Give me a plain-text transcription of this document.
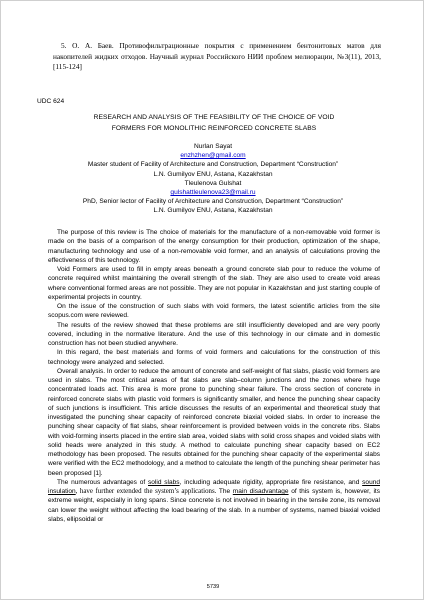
5. О. А. Баев. Противофильтрационные покрытия с применением бентонитовых матов для накопителей жидких отходов. Научный журнал Российского НИИ проблем мелиорации, №3(11), 2013, [115-124]

UDC 624

RESEARCH AND ANALYSIS OF THE FEASIBILITY OF THE CHOICE OF VOID
FORMERS FOR MONOLITHIC REINFORCED CONCRETE SLABS
Nurlan Sayat
enzhzhen@gmail.com
Master student of Facility of Architecture and Construction, Department “Construction”
L.N. Gumilyov ENU, Astana, Kazakhstan
Tleulenova Gulshat
gulshattleulenova23@mail.ru
PhD, Senior lector of Facility of Architecture and Construction, Department “Construction”
L.N. Gumilyov ENU, Astana, Kazakhstan

The purpose of this review is The choice of materials for the manufacture of a non-removable void former is made on the basis of a comparison of the energy consumption for their production, optimization of the shape, manufacturing technology and use of a non-removable void former, and an analysis of calculations proving the effectiveness of this technology.

Void Formers are used to fill in empty areas beneath a ground concrete slab pour to reduce the volume of concrete required whilst maintaining the overall strength of the slab. They are also used to create void areas where conventional formed areas are not possible. They are not popular in Kazakhstan and just starting couple of experimental projects in country.

On the issue of the construction of such slabs with void formers, the latest scientific articles from the site scopus.com were reviewed.

The results of the review showed that these problems are still insufficiently developed and are very poorly covered, including in the normative literature. And the use of this technology in our climate and in domestic construction has not been studied anywhere.

In this regard, the best materials and forms of void formers and calculations for the construction of this technology were analyzed and selected.

Overall analysis. In order to reduce the amount of concrete and self-weight of flat slabs, plastic void formers are used in slabs. The most critical areas of flat slabs are slab–column junctions and the zones where huge concentrated loads act. This area is more prone to punching shear failure. The cross section of concrete in reinforced concrete slabs with plastic void formers is significantly smaller, and hence the punching shear capacity of such junctions is insufficient. This article discusses the results of an experimental and theoretical study that investigated the punching shear capacity of reinforced concrete biaxial voided slabs. In order to increase the punching shear capacity of flat slabs, shear reinforcement is provided between voids in the concrete ribs. Slabs with void-forming inserts placed in the entire slab area, voided slabs with solid cross shapes and voided slabs with solid heads were analyzed in this study. A method to calculate punching shear capacity based on EC2 methodology has been proposed. The results obtained for the punching shear capacity of the experimental slabs were verified with the EC2 methodology, and a method to calculate the length of the punching shear perimeter has been proposed [1].

The numerous advantages of solid slabs, including adequate rigidity, appropriate fire resistance, and sound insulation, have further extended the system’s applications. The main disadvantage of this system is, however, its extreme weight, especially in long spans. Since concrete is not involved in bearing in the tensile zone, its removal can lower the weight without affecting the load bearing of the slab. In a number of systems, named biaxial voided slabs, ellipsoidal or

5739
